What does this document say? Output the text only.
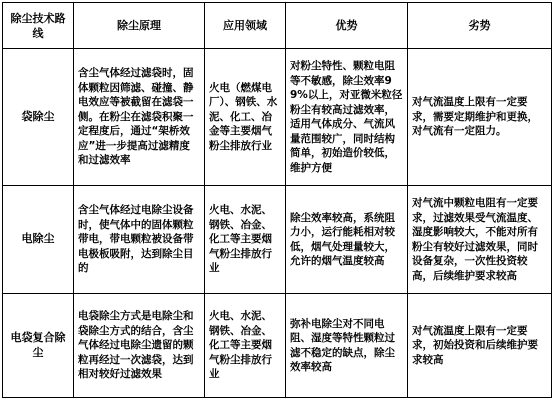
除尘技术路线	除尘原理	应用领域	优势	劣势
袋除尘	含尘气体经过滤袋时，固体颗粒因筛滤、碰撞、静电效应等被截留在滤袋一侧。在粉尘在滤袋积聚一定程度后，通过“架桥效应”进一步提高过滤精度和过滤效率	火电（燃煤电厂）、钢铁、水泥、化工、冶金等主要烟气粉尘排放行业	对粉尘特性、颗粒电阻等不敏感，除尘效率99%以上，对亚微米粒径粉尘有较高过滤效率，适用气体成分、气流风量范围较广，同时结构简单，初始造价较低，维护方便	对气流温度上限有一定要求，需要定期维护和更换，对气流有一定阻力。
电除尘	含尘气体经过电除尘设备时，使气体中的固体颗粒带电，带电颗粒被设备带电极板吸附，达到除尘目的	火电、水泥、钢铁、冶金、化工等主要烟气粉尘排放行业	除尘效率较高，系统阻力小，运行能耗相对较低，烟气处理量较大，允许的烟气温度较高	对气流中颗粒电阻有一定要求，过滤效果受气流温度、湿度影响较大，不能对所有粉尘有较好过滤效果，同时设备复杂，一次性投资较高，后续维护要求较高
电袋复合除尘	电袋除尘方式是电除尘和袋除尘方式的结合，含尘气体经过电除尘遗留的颗粒再经过一次滤袋，达到相对较好过滤效果	火电、水泥、钢铁、冶金、化工等主要烟气粉尘排放行业	弥补电除尘对不同电阻、湿度等特性颗粒过滤不稳定的缺点，除尘效率较高	对气流温度上限有一定要求，初始投资和后续维护要求较高
